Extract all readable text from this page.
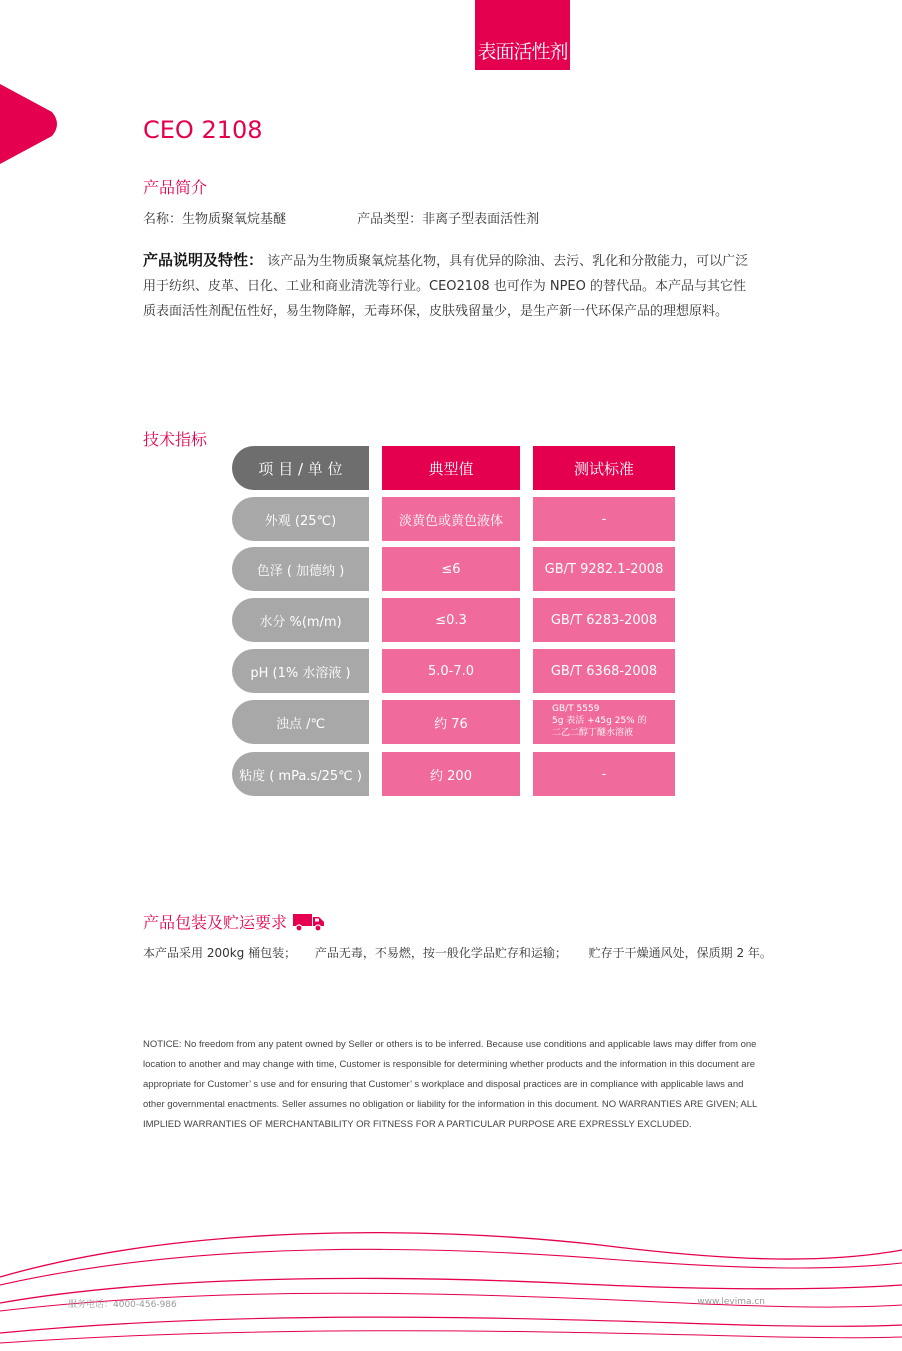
表面活性剂
CEO 2108
产品简介
名称：生物质聚氧烷基醚	产品类型：非离子型表面活性剂
产品说明及特性： 该产品为生物质聚氧烷基化物，具有优异的除油、去污、乳化和分散能力，可以广泛用于纺织、皮革、日化、工业和商业清洗等行业。CEO2108 也可作为 NPEO 的替代品。本产品与其它性质表面活性剂配伍性好，易生物降解，无毒环保，皮肤残留量少，是生产新一代环保产品的理想原料。
技术指标
项 目 / 单 位	典型值	测试标准
外观 (25℃)	淡黄色或黄色液体	-
色泽 ( 加德纳 )	≤6	GB/T 9282.1-2008
水分 %(m/m)	≤0.3	GB/T 6283-2008
pH (1% 水溶液 )	5.0-7.0	GB/T 6368-2008
浊点 /℃	约 76
GB/T 5559
5g 表活 +45g 25% 的
二乙二醇丁醚水溶液
粘度 ( mPa.s/25℃ )	约 200	-
产品包装及贮运要求
本产品采用 200kg 桶包装； 产品无毒，不易燃，按一般化学品贮存和运输； 贮存于干燥通风处，保质期 2 年。
NOTICE: No freedom from any patent owned by Seller or others is to be inferred. Because use conditions and applicable laws may differ from one location to another and may change with time, Customer is responsible for determining whether products and the information in this document are appropriate for Customer’ s use and for ensuring that Customer’ s workplace and disposal practices are in compliance with applicable laws and other governmental enactments. Seller assumes no obligation or liability for the information in this document. NO WARRANTIES ARE GIVEN; ALL IMPLIED WARRANTIES OF MERCHANTABILITY OR FITNESS FOR A PARTICULAR PURPOSE ARE EXPRESSLY EXCLUDED.
服务电话：4000-456-986	www.levima.cn
